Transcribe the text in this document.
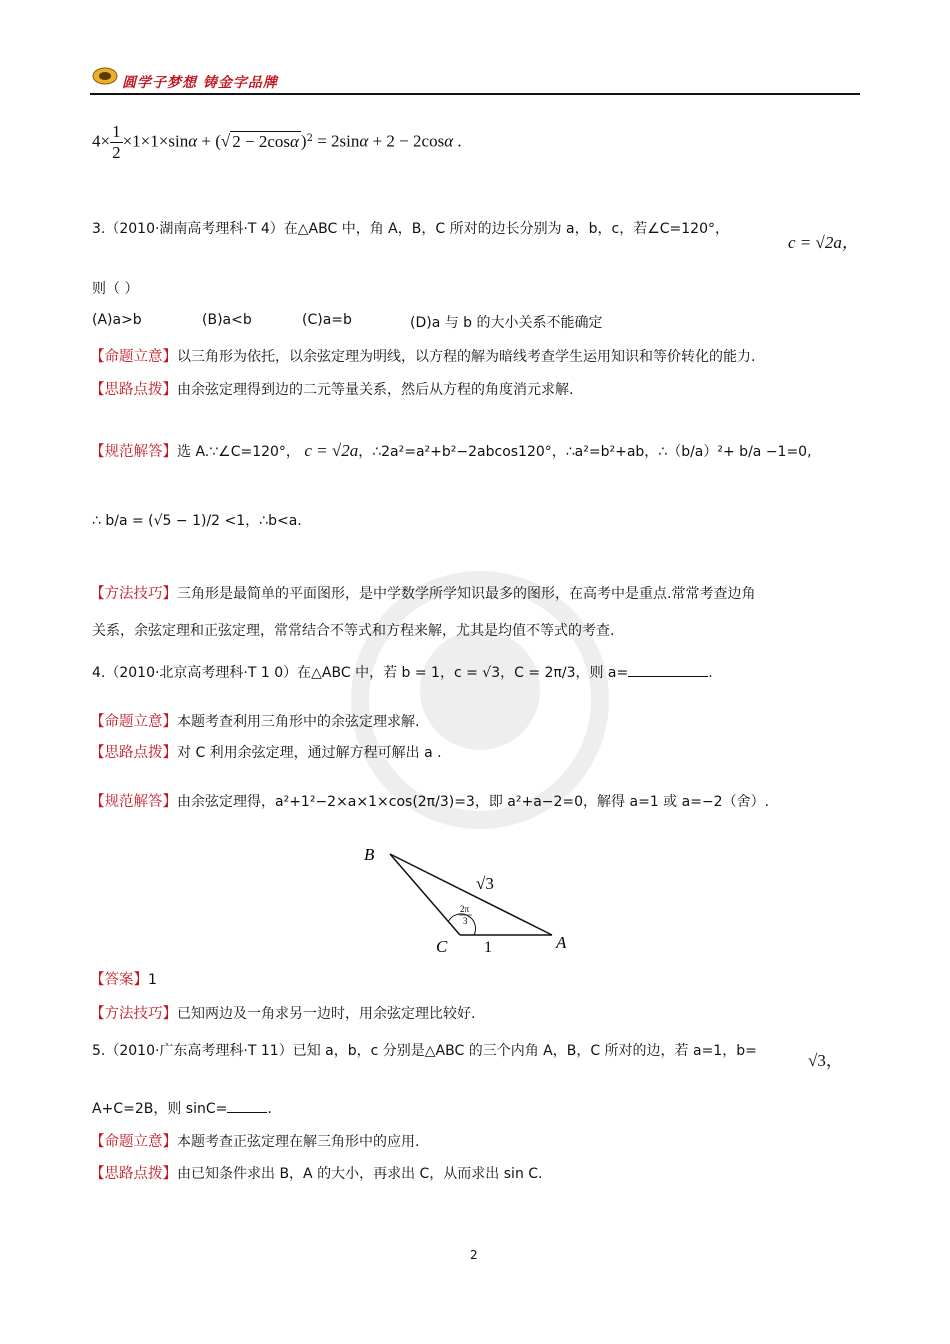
圆学子梦想 铸金字品牌
$4\times \frac{1}{2} \times 1\times 1\times\sin\alpha$ + (√ 2 − 2cosα )$^2$ = 2sinα + 2 − 2cosα .
3.（2010·湖南高考理科·T 4）在△ABC 中，角 A，B，C 所对的边长分别为 a，b，c，若∠C=120°，
c = √2a，
则（ ）
(A)a>b	(B)a<b	(C)a=b	(D)a 与 b 的大小关系不能确定
【命题立意】以三角形为依托，以余弦定理为明线，以方程的解为暗线考查学生运用知识和等价转化的能力.
【思路点拨】由余弦定理得到边的二元等量关系，然后从方程的角度消元求解.
【规范解答】选 A.∵∠C=120°， c = √2a，∴2a²=a²+b²−2abcos120°，∴a²=b²+ab，∴（b/a）²+ b/a −1=0,
∴ b/a = (√5 − 1)/2 <1，∴b<a.
【方法技巧】三角形是最简单的平面图形，是中学数学所学知识最多的图形，在高考中是重点.常常考查边角
关系，余弦定理和正弦定理，常常结合不等式和方程来解，尤其是均值不等式的考查.
4.（2010·北京高考理科·T 1 0）在△ABC 中，若 b = 1，c = √3，C = 2π/3，则 a=	.
【命题立意】本题考查利用三角形中的余弦定理求解.
【思路点拨】对 C 利用余弦定理，通过解方程可解出 a .
【规范解答】由余弦定理得，a²+1²−2×a×1×cos(2π/3)=3，即 a²+a−2=0，解得 a=1 或 a=−2（舍）.
B
C	A
√3
1
2π
3
【答案】1
【方法技巧】已知两边及一角求另一边时，用余弦定理比较好.
5.（2010·广东高考理科·T 11）已知 a，b，c 分别是△ABC 的三个内角 A，B，C 所对的边，若 a=1，b=	√3，
A+C=2B，则 sinC=	.
【命题立意】本题考查正弦定理在解三角形中的应用.
【思路点拨】由已知条件求出 B，A 的大小，再求出 C，从而求出 sin C.
2
